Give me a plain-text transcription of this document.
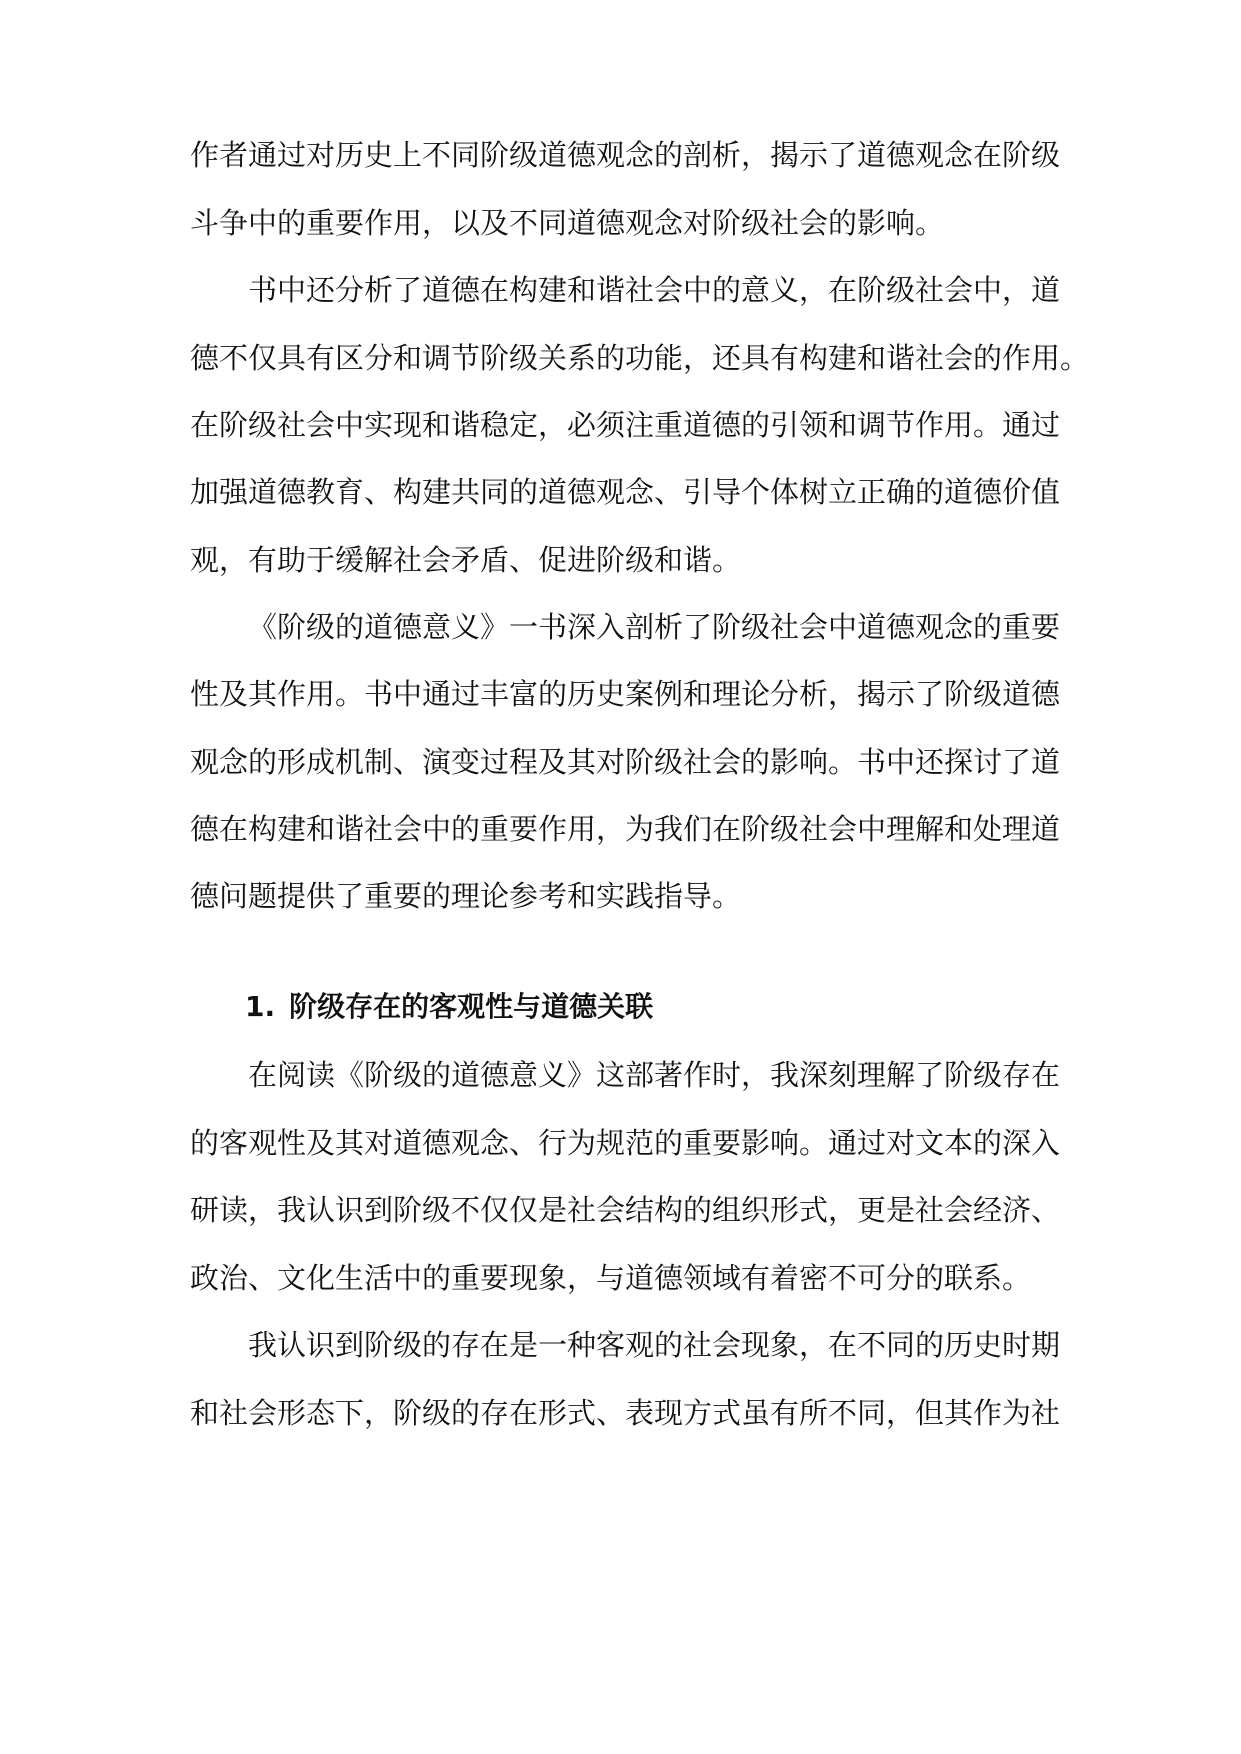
作者通过对历史上不同阶级道德观念的剖析，揭示了道德观念在阶级
斗争中的重要作用，以及不同道德观念对阶级社会的影响。
书中还分析了道德在构建和谐社会中的意义，在阶级社会中，道
德不仅具有区分和调节阶级关系的功能，还具有构建和谐社会的作用。
在阶级社会中实现和谐稳定，必须注重道德的引领和调节作用。通过
加强道德教育、构建共同的道德观念、引导个体树立正确的道德价值
观，有助于缓解社会矛盾、促进阶级和谐。
《阶级的道德意义》一书深入剖析了阶级社会中道德观念的重要
性及其作用。书中通过丰富的历史案例和理论分析，揭示了阶级道德
观念的形成机制、演变过程及其对阶级社会的影响。书中还探讨了道
德在构建和谐社会中的重要作用，为我们在阶级社会中理解和处理道
德问题提供了重要的理论参考和实践指导。
1. 阶级存在的客观性与道德关联
在阅读《阶级的道德意义》这部著作时，我深刻理解了阶级存在
的客观性及其对道德观念、行为规范的重要影响。通过对文本的深入
研读，我认识到阶级不仅仅是社会结构的组织形式，更是社会经济、
政治、文化生活中的重要现象，与道德领域有着密不可分的联系。
我认识到阶级的存在是一种客观的社会现象，在不同的历史时期
和社会形态下，阶级的存在形式、表现方式虽有所不同，但其作为社
